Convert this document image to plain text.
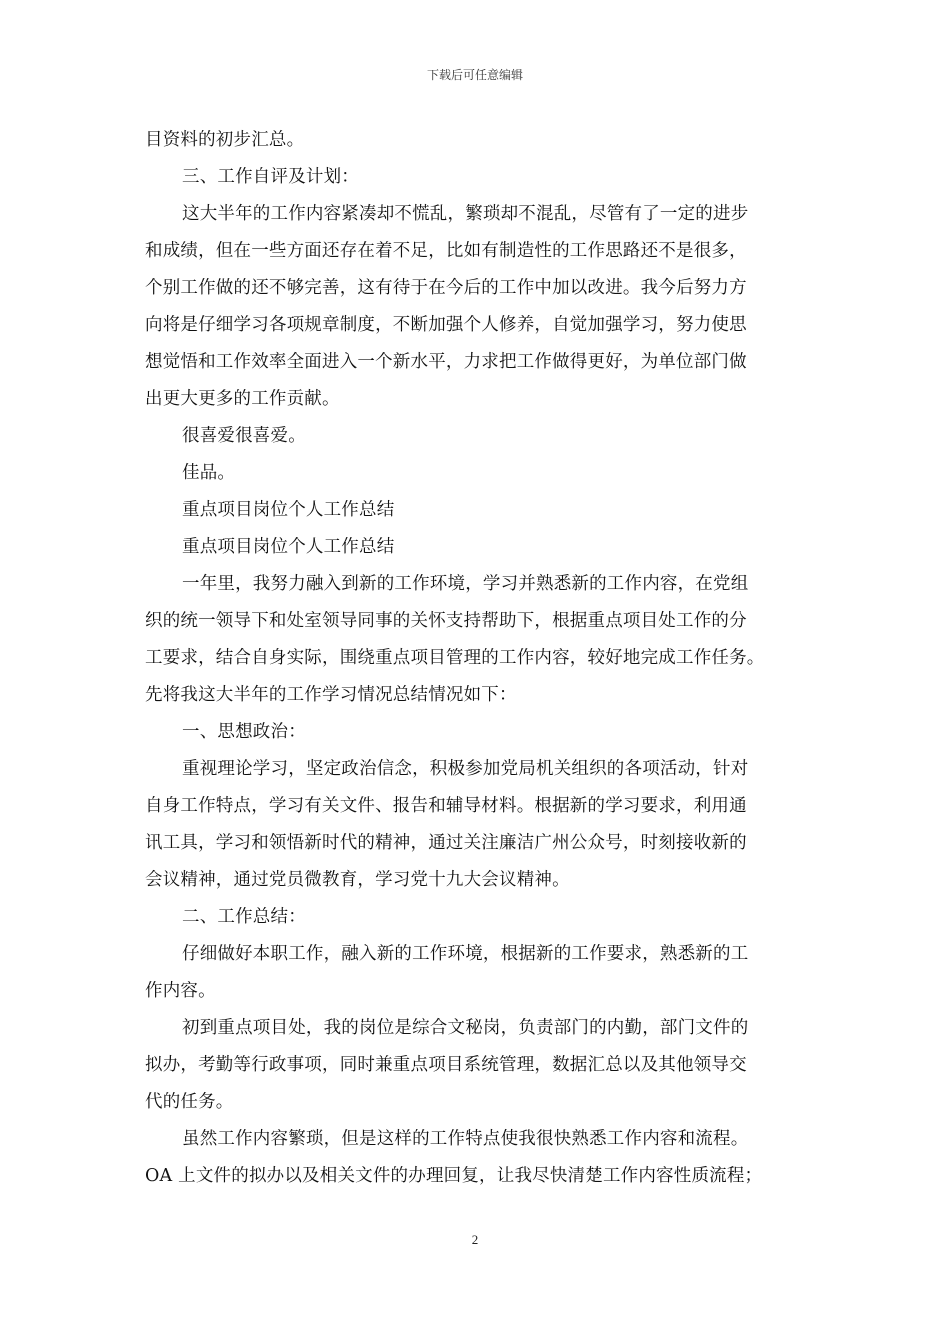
下载后可任意编辑
目资料的初步汇总。
三、工作自评及计划：
这大半年的工作内容紧凑却不慌乱，繁琐却不混乱，尽管有了一定的进步
和成绩，但在一些方面还存在着不足，比如有制造性的工作思路还不是很多，
个别工作做的还不够完善，这有待于在今后的工作中加以改进。我今后努力方
向将是仔细学习各项规章制度，不断加强个人修养，自觉加强学习，努力使思
想觉悟和工作效率全面进入一个新水平，力求把工作做得更好，为单位部门做
出更大更多的工作贡献。
很喜爱很喜爱。
佳品。
重点项目岗位个人工作总结
重点项目岗位个人工作总结
一年里，我努力融入到新的工作环境，学习并熟悉新的工作内容，在党组
织的统一领导下和处室领导同事的关怀支持帮助下，根据重点项目处工作的分
工要求，结合自身实际，围绕重点项目管理的工作内容，较好地完成工作任务。
先将我这大半年的工作学习情况总结情况如下：
一、思想政治：
重视理论学习，坚定政治信念，积极参加党局机关组织的各项活动，针对
自身工作特点，学习有关文件、报告和辅导材料。根据新的学习要求，利用通
讯工具，学习和领悟新时代的精神，通过关注廉洁广州公众号，时刻接收新的
会议精神，通过党员微教育，学习党十九大会议精神。
二、工作总结：
仔细做好本职工作，融入新的工作环境，根据新的工作要求，熟悉新的工
作内容。
初到重点项目处，我的岗位是综合文秘岗，负责部门的内勤，部门文件的
拟办，考勤等行政事项，同时兼重点项目系统管理，数据汇总以及其他领导交
代的任务。
虽然工作内容繁琐，但是这样的工作特点使我很快熟悉工作内容和流程。
OA 上文件的拟办以及相关文件的办理回复，让我尽快清楚工作内容性质流程；
2
